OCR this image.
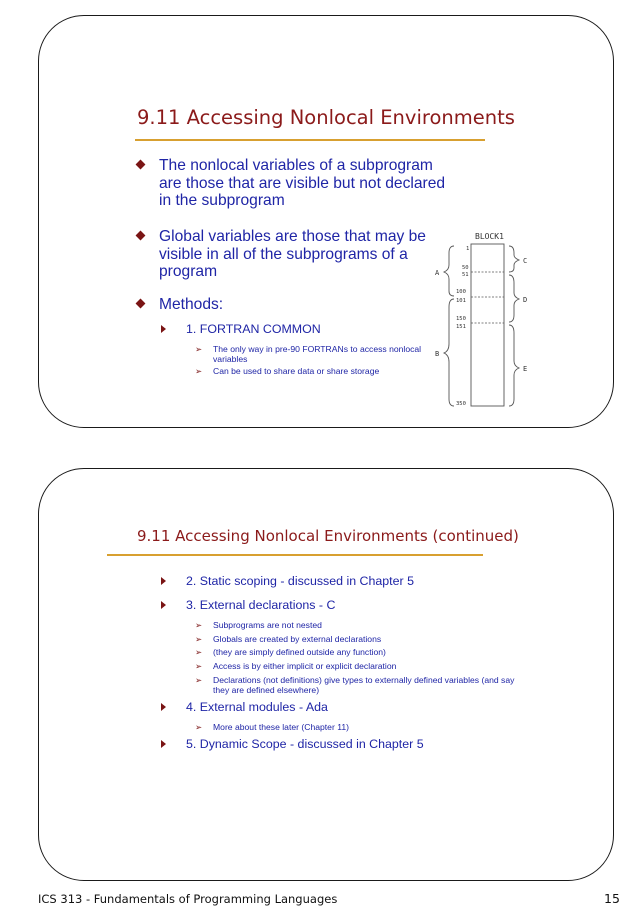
9.11 Accessing Nonlocal Environments
The nonlocal variables of a subprogram are those that are visible but not declared in the subprogram
Global variables are those that may be visible in all of the subprograms of a program
Methods:
1. FORTRAN COMMON
➢ The only way in pre-90 FORTRANs to access nonlocal variables
➢ Can be used to share data or share storage
BLOCK1
1
50
51
100
101
150
151
350
A
B
C
D
E
9.11 Accessing Nonlocal Environments (continued)
2. Static scoping - discussed in Chapter 5
3. External declarations - C
➢ Subprograms are not nested
➢ Globals are created by external declarations
➢ (they are simply defined outside any function)
➢ Access is by either implicit or explicit declaration
➢ Declarations (not definitions) give types to externally defined variables (and say they are defined elsewhere)
4. External modules - Ada
➢ More about these later (Chapter 11)
5. Dynamic Scope - discussed in Chapter 5
ICS 313 - Fundamentals of Programming Languages	15
